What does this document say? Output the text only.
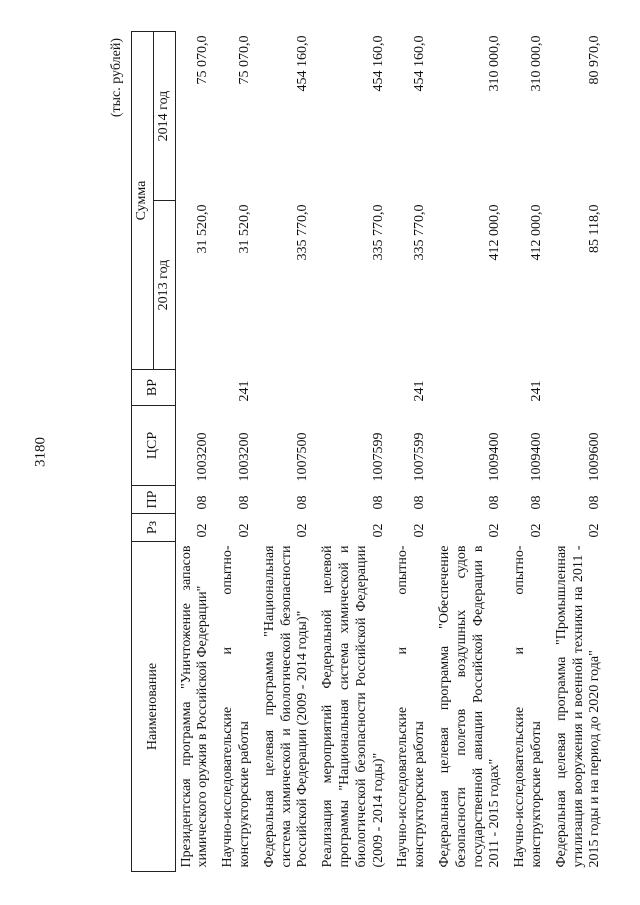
3180
(тыс. рублей)
Наименование	Рз	ПР	ЦСР	ВР	Сумма	
					2013 год	2014 год
Президентская программа "Уничтожение запасов химического оружия в Российской Федерации"	02	08	1003200		31 520,0	75 070,0
Научно-исследовательские и опытно-конструкторские работы	02	08	1003200	241	31 520,0	75 070,0
Федеральная целевая программа "Национальная система химической и биологической безопасности Российской Федерации (2009 - 2014 годы)"	02	08	1007500		335 770,0	454 160,0
Реализация мероприятий Федеральной целевой программы "Национальная система химической и биологической безопасности Российской Федерации (2009 - 2014 годы)"	02	08	1007599		335 770,0	454 160,0
Научно-исследовательские и опытно-конструкторские работы	02	08	1007599	241	335 770,0	454 160,0
Федеральная целевая программа "Обеспечение безопасности полетов воздушных судов государственной авиации Российской Федерации в 2011 - 2015 годах"	02	08	1009400		412 000,0	310 000,0
Научно-исследовательские и опытно-конструкторские работы	02	08	1009400	241	412 000,0	310 000,0
Федеральная целевая программа "Промышленная утилизация вооружения и военной техники на 2011 - 2015 годы и на период до 2020 года"	02	08	1009600		85 118,0	80 970,0
